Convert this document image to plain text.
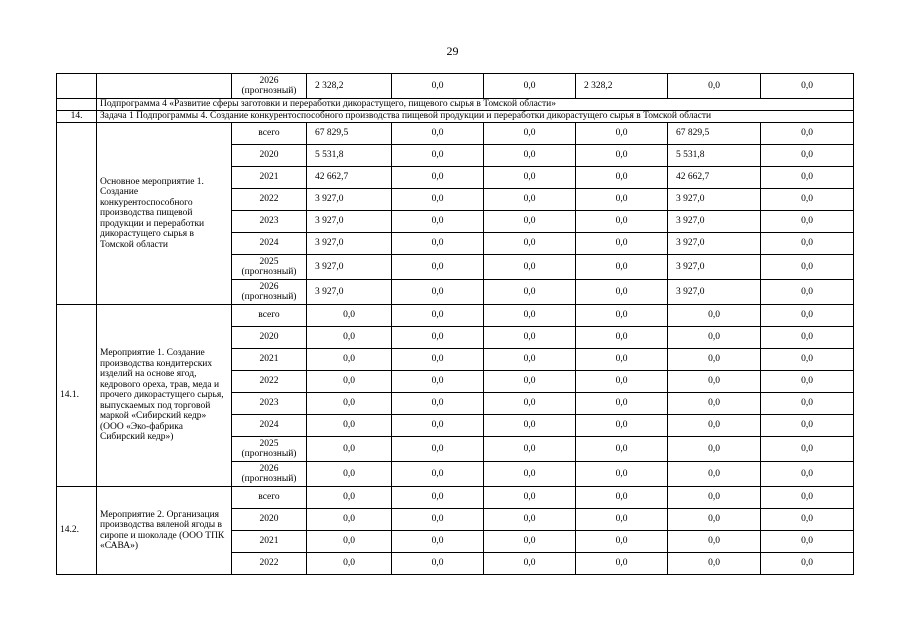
29
		2026 (прогнозный)	2 328,2	0,0	0,0	2 328,2	0,0	0,0
	Подпрограмма 4 «Развитие сферы заготовки и переработки дикорастущего, пищевого сырья в Томской области»							
14.	Задача 1 Подпрограммы 4. Создание конкурентоспособного производства пищевой продукции и переработки дикорастущего сырья в Томской области							
	Основное мероприятие 1. Создание конкурентоспособного производства пищевой продукции и переработки дикорастущего сырья в Томской области	всего	67 829,5	0,0	0,0	0,0	67 829,5	0,0
		2020	5 531,8	0,0	0,0	0,0	5 531,8	0,0
		2021	42 662,7	0,0	0,0	0,0	42 662,7	0,0
		2022	3 927,0	0,0	0,0	0,0	3 927,0	0,0
		2023	3 927,0	0,0	0,0	0,0	3 927,0	0,0
		2024	3 927,0	0,0	0,0	0,0	3 927,0	0,0
		2025 (прогнозный)	3 927,0	0,0	0,0	0,0	3 927,0	0,0
		2026 (прогнозный)	3 927,0	0,0	0,0	0,0	3 927,0	0,0
14.1.	Мероприятие 1. Создание производства кондитерских изделий на основе ягод, кедрового ореха, трав, меда и прочего дикорастущего сырья, выпускаемых под торговой маркой «Сибирский кедр» (ООО «Эко-фабрика Сибирский кедр»)	всего	0,0	0,0	0,0	0,0	0,0	0,0
		2020	0,0	0,0	0,0	0,0	0,0	0,0
		2021	0,0	0,0	0,0	0,0	0,0	0,0
		2022	0,0	0,0	0,0	0,0	0,0	0,0
		2023	0,0	0,0	0,0	0,0	0,0	0,0
		2024	0,0	0,0	0,0	0,0	0,0	0,0
		2025 (прогнозный)	0,0	0,0	0,0	0,0	0,0	0,0
		2026 (прогнозный)	0,0	0,0	0,0	0,0	0,0	0,0
14.2.	Мероприятие 2. Организация производства вяленой ягоды в сиропе и шоколаде (ООО ТПК «САВА»)	всего	0,0	0,0	0,0	0,0	0,0	0,0
		2020	0,0	0,0	0,0	0,0	0,0	0,0
		2021	0,0	0,0	0,0	0,0	0,0	0,0
		2022	0,0	0,0	0,0	0,0	0,0	0,0
